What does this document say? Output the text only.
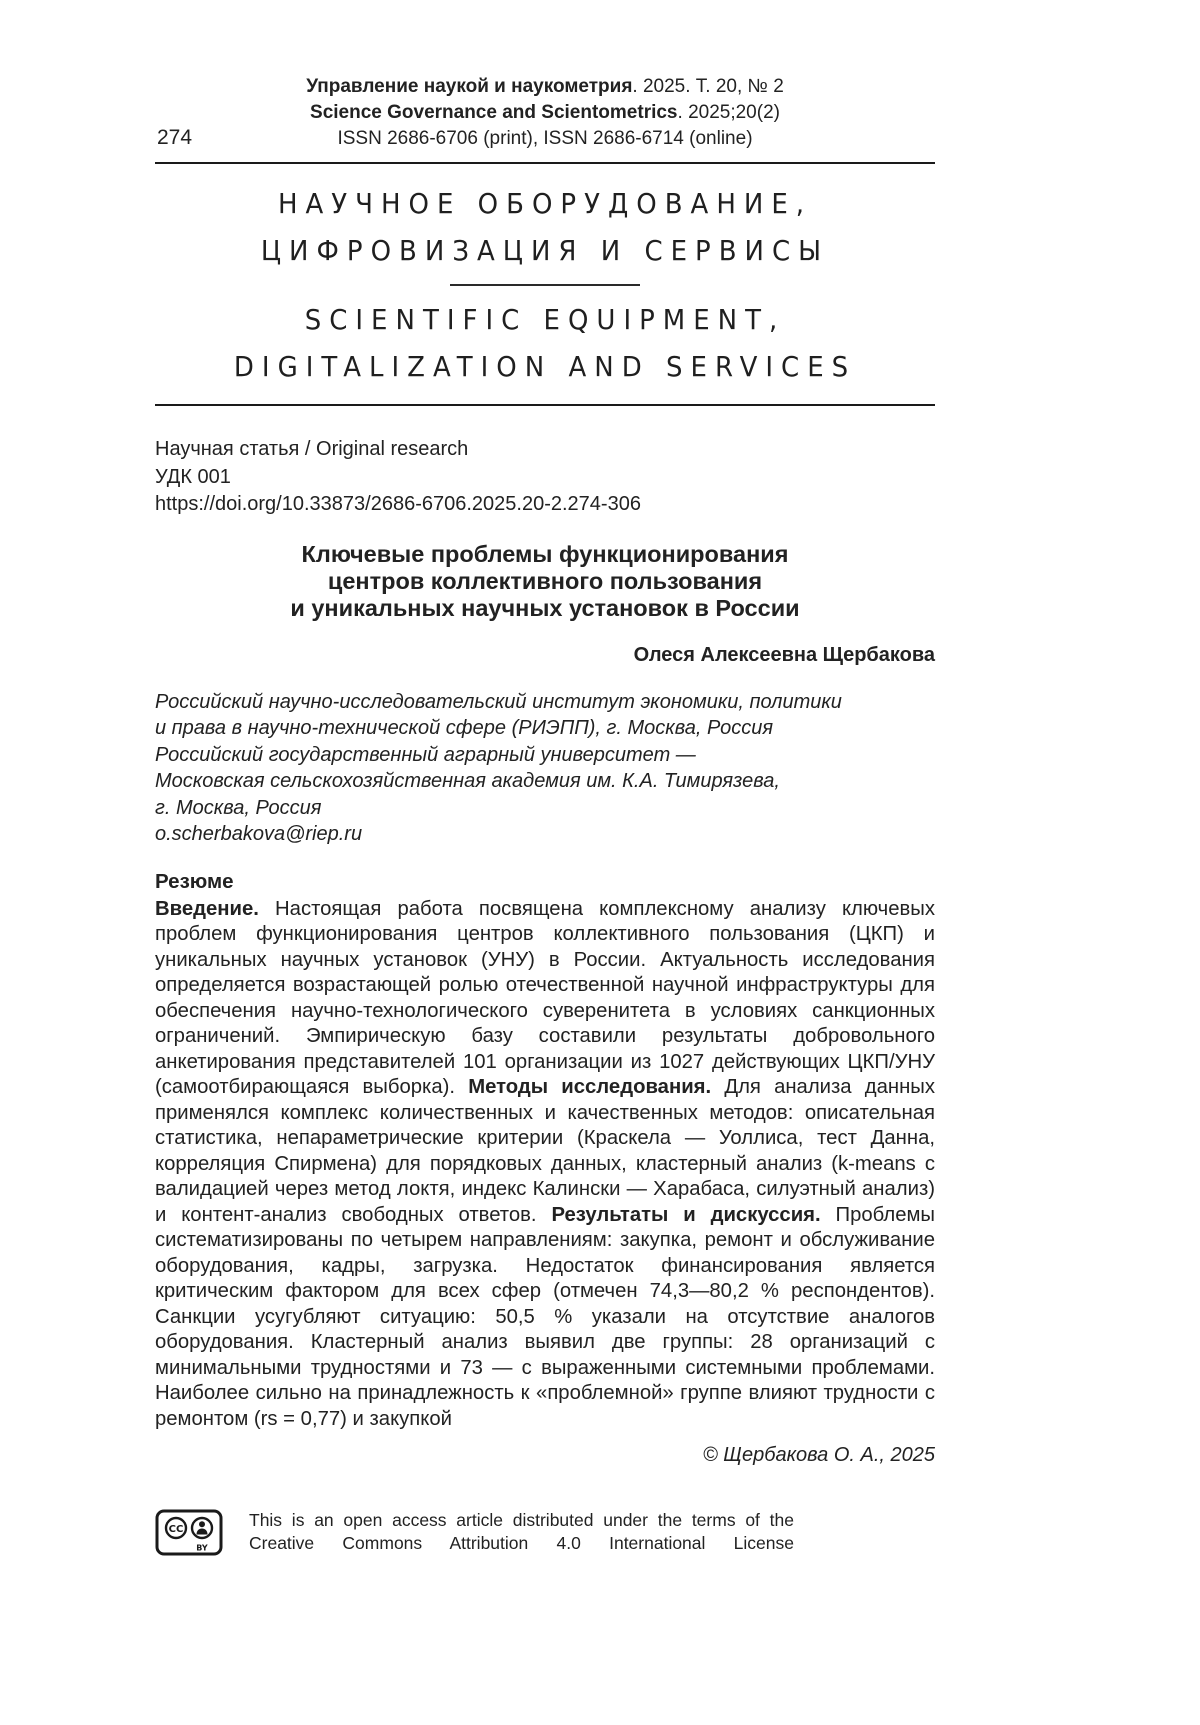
274
Управление наукой и наукометрия. 2025. Т. 20, № 2
Science Governance and Scientometrics. 2025;20(2)
ISSN 2686-6706 (print), ISSN 2686-6714 (online)
НАУЧНОЕ ОБОРУДОВАНИЕ,
ЦИФРОВИЗАЦИЯ И СЕРВИСЫ
SCIENTIFIC EQUIPMENT,
DIGITALIZATION AND SERVICES
Научная статья / Original research
УДК 001
https://doi.org/10.33873/2686-6706.2025.20-2.274-306
Ключевые проблемы функционирования
центров коллективного пользования
и уникальных научных установок в России
Олеся Алексеевна Щербакова
Российский научно-исследовательский институт экономики, политики
и права в научно-технической сфере (РИЭПП), г. Москва, Россия
Российский государственный аграрный университет —
Московская сельскохозяйственная академия им. К.А. Тимирязева,
г. Москва, Россия
o.scherbakova@riep.ru
Резюме

Введение. Настоящая работа посвящена комплексному анализу ключевых проблем функционирования центров коллективного пользования (ЦКП) и уникальных научных установок (УНУ) в России. Актуальность исследования определяется возрастающей ролью отечественной научной инфраструктуры для обеспечения научно-технологического суверенитета в условиях санкционных ограничений. Эмпирическую базу составили результаты добровольного анкетирования представителей 101 организации из 1027 действующих ЦКП/УНУ (самоотбирающаяся выборка). Методы исследования. Для анализа данных применялся комплекс количественных и качественных методов: описательная статистика, непараметрические критерии (Краскела — Уоллиса, тест Данна, корреляция Спирмена) для порядковых данных, кластерный анализ (k-means с валидацией через метод локтя, индекс Калински — Харабаса, силуэтный анализ) и контент-анализ свободных ответов. Результаты и дискуссия. Проблемы систематизированы по четырем направлениям: закупка, ремонт и обслуживание оборудования, кадры, загрузка. Недостаток финансирования является критическим фактором для всех сфер (отмечен 74,3—80,2 % респондентов). Санкции усугубляют ситуацию: 50,5 % указали на отсутствие аналогов оборудования. Кластерный анализ выявил две группы: 28 организаций с минимальными трудностями и 73 — с выраженными системными проблемами. Наиболее сильно на принадлежность к «проблемной» группе влияют трудности с ремонтом (rs = 0,77) и закупкой

© Щербакова О. А., 2025
CC
BY
This is an open access article distributed under the terms of the Creative Commons Attribution 4.0 International License
